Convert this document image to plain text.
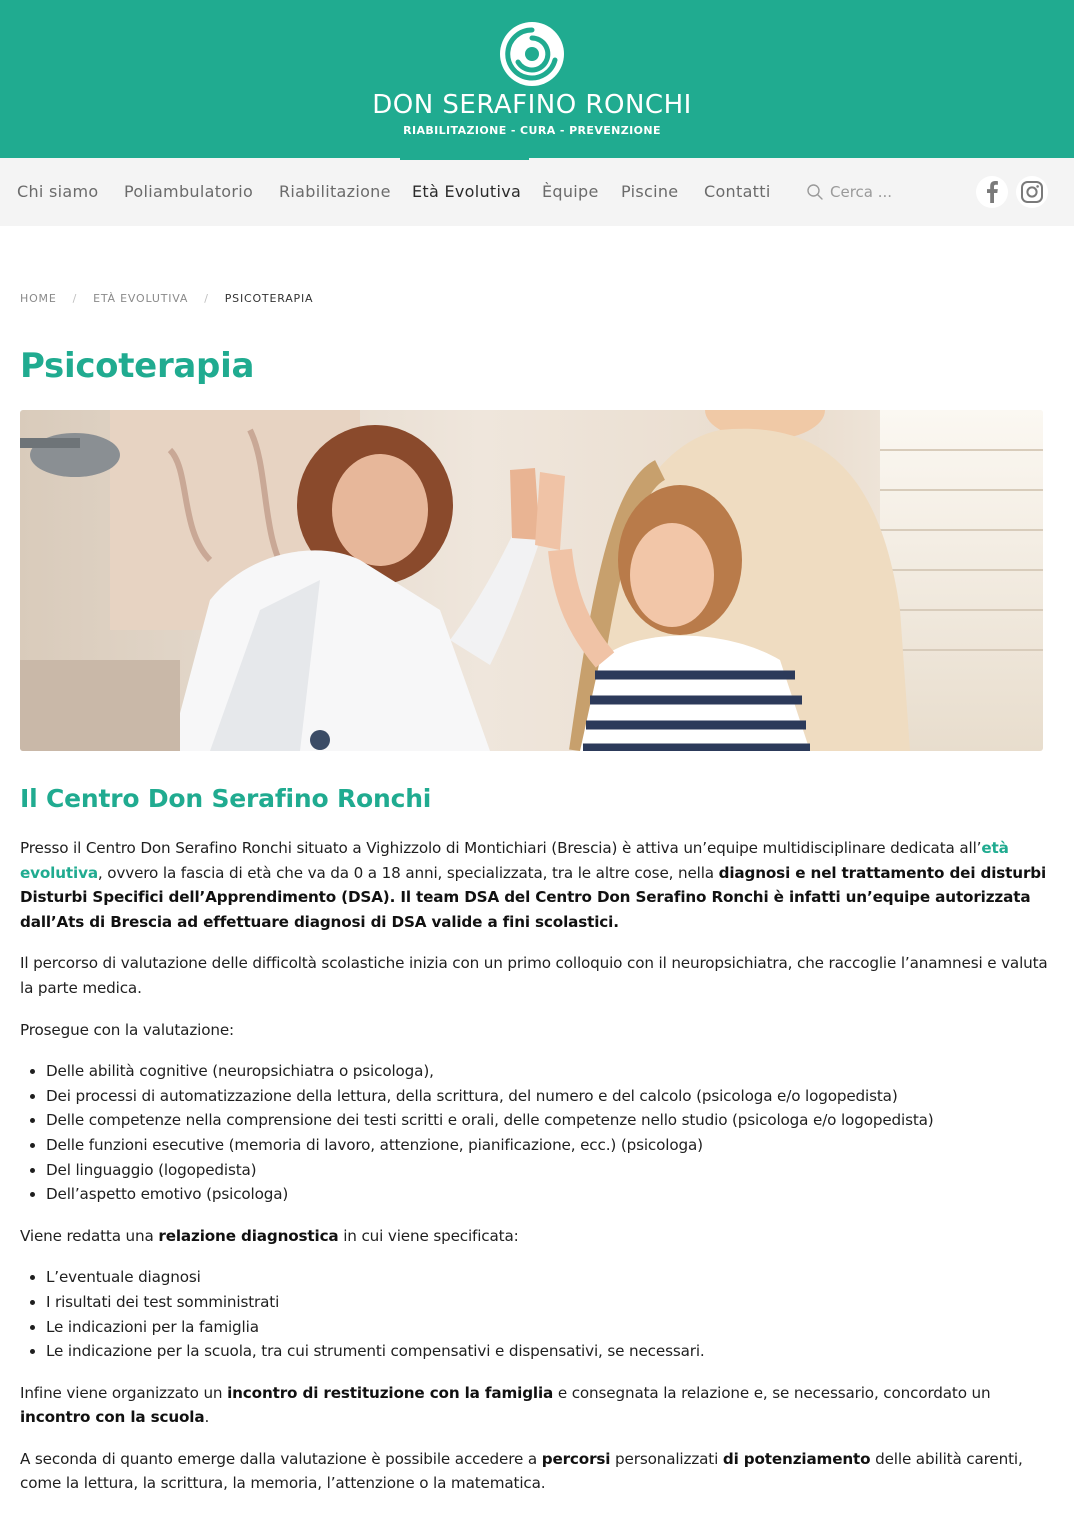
DON SERAFINO RONCHI
RIABILITAZIONE - CURA - PREVENZIONE
Chi siamo Poliambulatorio Riabilitazione Età Evolutiva Èquipe Piscine Contatti
Cerca ...
HOME / ETÀ EVOLUTIVA / PSICOTERAPIA
Psicoterapia
Il Centro Don Serafino Ronchi

Presso il Centro Don Serafino Ronchi situato a Vighizzolo di Montichiari (Brescia) è attiva un’equipe multidisciplinare dedicata all’età evolutiva, ovvero la fascia di età che va da 0 a 18 anni, specializzata, tra le altre cose, nella diagnosi e nel trattamento dei disturbi Disturbi Specifici dell’Apprendimento (DSA). Il team DSA del Centro Don Serafino Ronchi è infatti un’equipe autorizzata dall’Ats di Brescia ad effettuare diagnosi di DSA valide a fini scolastici.

Il percorso di valutazione delle difficoltà scolastiche inizia con un primo colloquio con il neuropsichiatra, che raccoglie l’anamnesi e valuta la parte medica.

Prosegue con la valutazione:

• Delle abilità cognitive (neuropsichiatra o psicologa),
• Dei processi di automatizzazione della lettura, della scrittura, del numero e del calcolo (psicologa e/o logopedista)
• Delle competenze nella comprensione dei testi scritti e orali, delle competenze nello studio (psicologa e/o logopedista)
• Delle funzioni esecutive (memoria di lavoro, attenzione, pianificazione, ecc.) (psicologa)
• Del linguaggio (logopedista)
• Dell’aspetto emotivo (psicologa)

Viene redatta una relazione diagnostica in cui viene specificata:

• L’eventuale diagnosi
• I risultati dei test somministrati
• Le indicazioni per la famiglia
• Le indicazione per la scuola, tra cui strumenti compensativi e dispensativi, se necessari.

Infine viene organizzato un incontro di restituzione con la famiglia e consegnata la relazione e, se necessario, concordato un incontro con la scuola.

A seconda di quanto emerge dalla valutazione è possibile accedere a percorsi personalizzati di potenziamento delle abilità carenti, come la lettura, la scrittura, la memoria, l’attenzione o la matematica.
